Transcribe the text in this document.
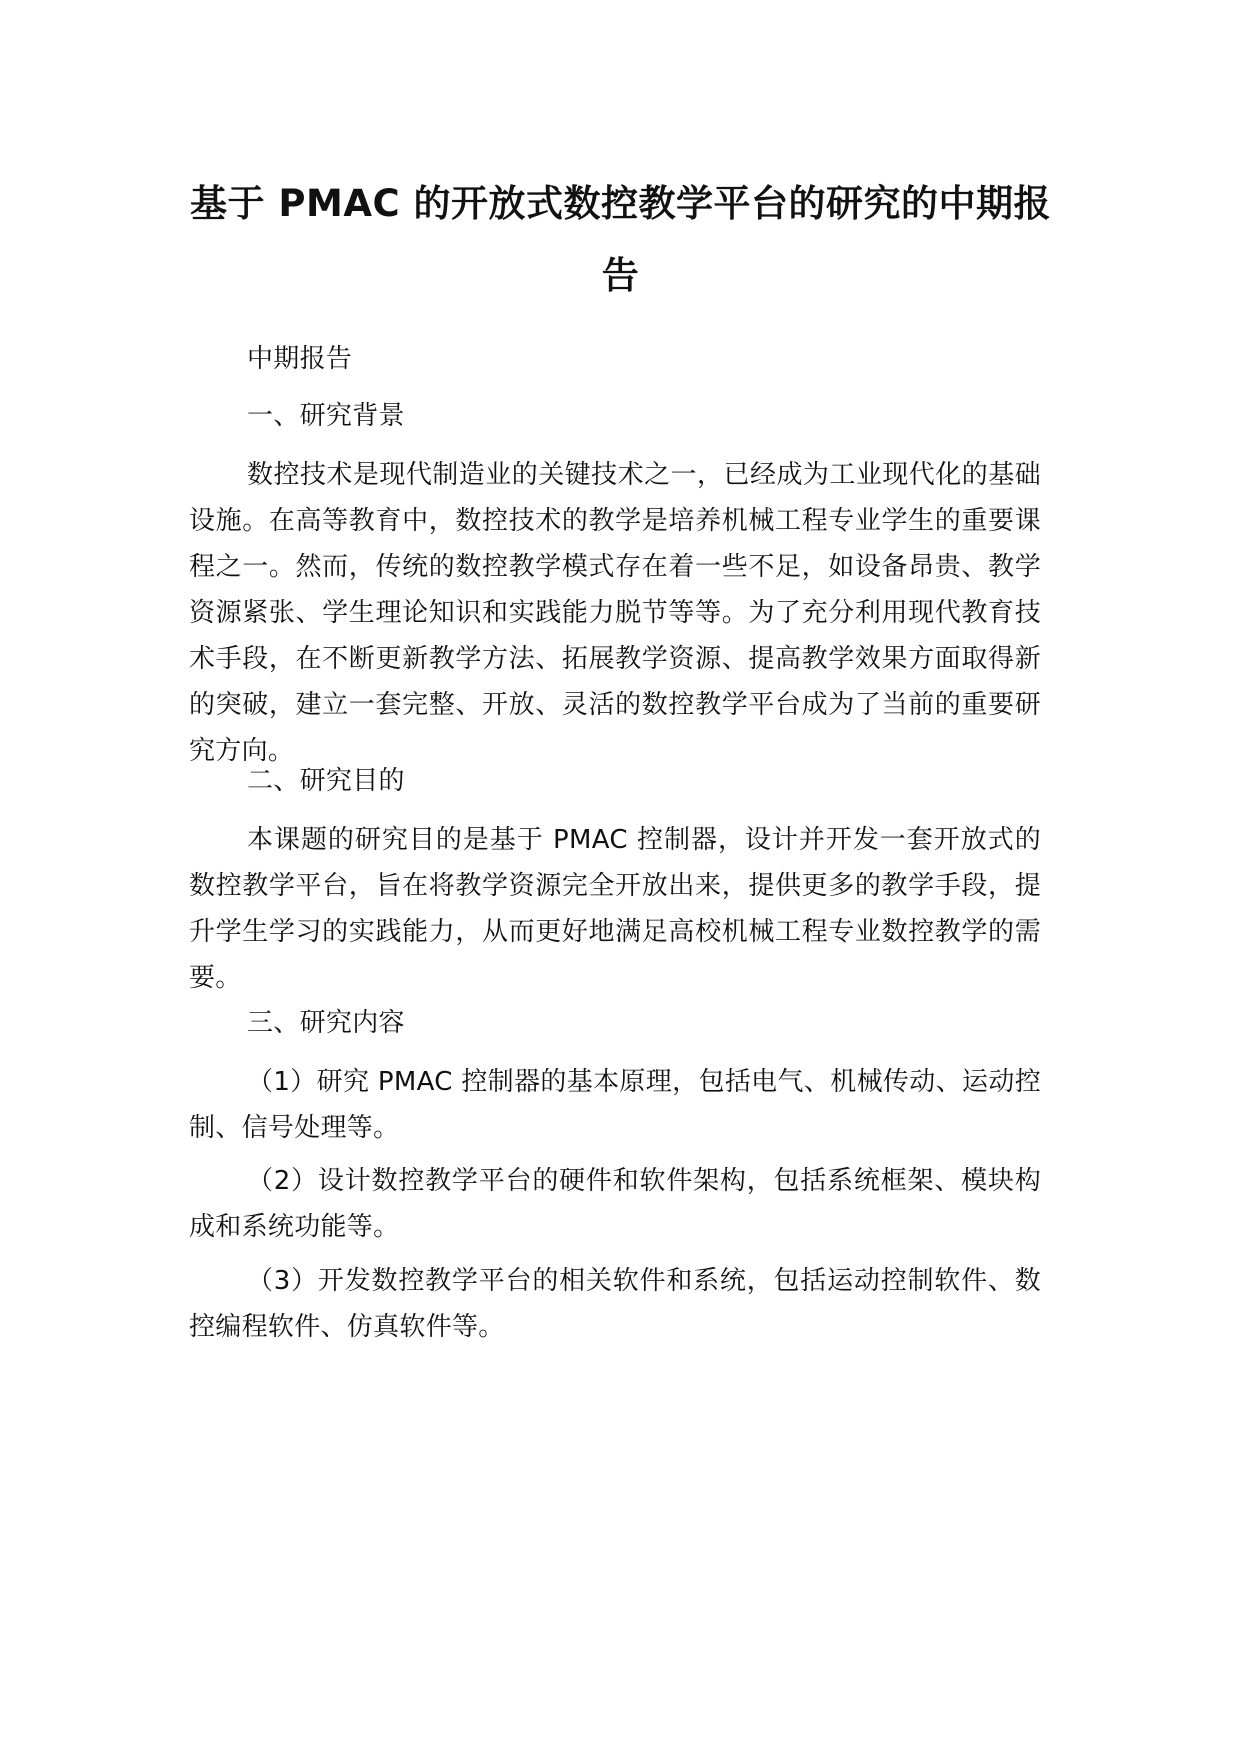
基于 PMAC 的开放式数控教学平台的研究的中期报告

中期报告

一、研究背景

数控技术是现代制造业的关键技术之一，已经成为工业现代化的基础设施。在高等教育中，数控技术的教学是培养机械工程专业学生的重要课程之一。然而，传统的数控教学模式存在着一些不足，如设备昂贵、教学资源紧张、学生理论知识和实践能力脱节等等。为了充分利用现代教育技术手段，在不断更新教学方法、拓展教学资源、提高教学效果方面取得新的突破，建立一套完整、开放、灵活的数控教学平台成为了当前的重要研究方向。

二、研究目的

本课题的研究目的是基于 PMAC 控制器，设计并开发一套开放式的数控教学平台，旨在将教学资源完全开放出来，提供更多的教学手段，提升学生学习的实践能力，从而更好地满足高校机械工程专业数控教学的需要。

三、研究内容

（1）研究 PMAC 控制器的基本原理，包括电气、机械传动、运动控制、信号处理等。

（2）设计数控教学平台的硬件和软件架构，包括系统框架、模块构成和系统功能等。

（3）开发数控教学平台的相关软件和系统，包括运动控制软件、数控编程软件、仿真软件等。
